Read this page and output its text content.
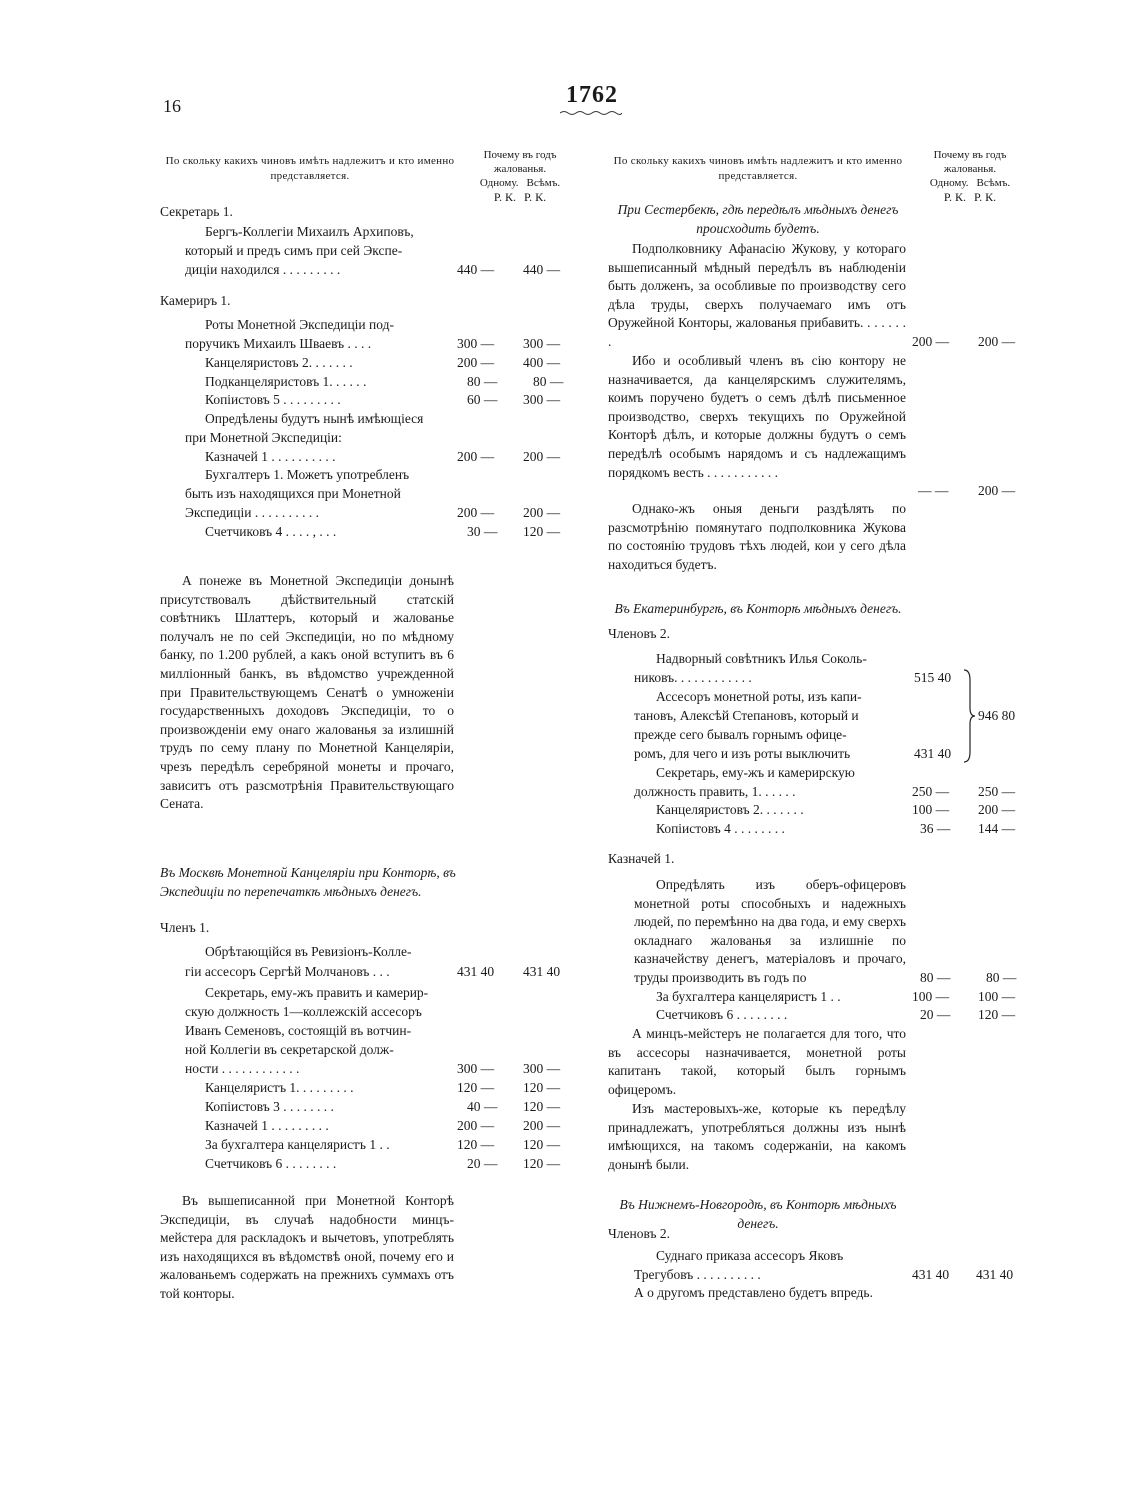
16	1762
По скольку какихъ чиновъ имѣть надлежитъ и кто именно представляется.
Почему въ годъ жалованья.
Одному. Всѣмъ.
Р. К. Р. К.
Секретарь 1.
Бергъ-Коллегіи Михаилъ Архиповъ,
который и предъ симъ при сей Экспе-
диціи находился . . . . . . . . .	440 — 440 —
Камериръ 1.
Роты Монетной Экспедиціи под-
поручикъ Михаилъ Шваевъ . . . .	300 — 300 —
Канцеляристовъ 2. . . . . . .	200 — 400 —
Подканцеляристовъ 1. . . . . .	80 —	80 —
Копіистовъ 5 . . . . . . . . .	60 — 300 —
Опредѣлены будутъ нынѣ имѣющіеся
при Монетной Экспедиціи:
Казначей 1 . . . . . . . . . .	200 — 200 —
Бухгалтеръ 1. Можетъ употребленъ
быть изъ находящихся при Монетной
Экспедиціи . . . . . . . . . .	200 — 200 —
Счетчиковъ 4 . . . . , . . .	30 — 120 —
А понеже въ Монетной Экспедиціи донынѣ присутствовалъ дѣйствительный статскій совѣтникъ Шлаттеръ, который и жалованье получалъ не по сей Экспедиціи, но по мѣдному банку, по 1.200 рублей, а какъ оной вступитъ въ 6 милліонный банкъ, въ вѣдомство учрежденной при Правительствующемъ Сенатѣ о умноженіи государственныхъ доходовъ Экспедиціи, то о произвожденіи ему онаго жалованья за излишній трудъ по сему плану по Монетной Канцеляріи, чрезъ передѣлъ серебряной монеты и прочаго, зависитъ отъ разсмотрѣнія Правительствующаго Сената.
Въ Москвѣ Монетной Канцеляріи при Конторѣ, въ Экспедиціи по перепечаткѣ мѣдныхъ денегъ.
Членъ 1.
Обрѣтающійся въ Ревизіонъ-Колле-
гіи ассесоръ Сергѣй Молчановъ . . .	431 40 431 40
Секретарь, ему-жъ править и камерир-
скую должность 1—коллежскій ассесоръ
Иванъ Семеновъ, состоящій въ вотчин-
ной Коллегіи въ секретарской долж-
ности . . . . . . . . . . . .	300 — 300 —
Канцеляристъ 1. . . . . . . . .	120 — 120 —
Копіистовъ 3 . . . . . . . .	40 — 120 —
Казначей 1 . . . . . . . . .	200 — 200 —
За бухгалтера канцеляристъ 1 . .	120 — 120 —
Счетчиковъ 6 . . . . . . . .	20 — 120 —
Въ вышеписанной при Монетной Конторѣ Экспедиціи, въ случаѣ надобности минцъ-мейстера для раскладокъ и вычетовъ, употреблять изъ находящихся въ вѣдомствѣ оной, почему его и жалованьемъ содержать на прежнихъ суммахъ отъ той конторы.
По скольку какихъ чиновъ имѣть надлежитъ и кто именно представляется.
Почему въ годъ жалованья.
Одному. Всѣмъ.
Р. К. Р. К.
При Сестербекѣ, гдѣ передѣлъ мѣдныхъ денегъ происходить будетъ.
Подполковнику Афанасію Жукову, у котораго вышеписанный мѣдный передѣлъ въ наблюденіи быть долженъ, за особливые по производству сего дѣла труды, сверхъ получаемаго имъ отъ Оружейной Конторы, жалованья прибавить. . . . . . . .	200 — 200 —
Ибо и особливый членъ въ сію контору не назначивается, да канцелярскимъ служителямъ, коимъ поручено будетъ о семъ дѣлѣ письменное производство, сверхъ текущихъ по Оружейной Конторѣ дѣлъ, и которые должны будутъ о семъ передѣлѣ особымъ нарядомъ и съ надлежащимъ порядкомъ весть . . . . . . . . . . .
— — 200 —
Однако-жъ оныя деньги раздѣлять по разсмотрѣнію помянутаго подполковника Жукова по состоянію трудовъ тѣхъ людей, кои у сего дѣла находиться будетъ.
Въ Екатеринбургѣ, въ Конторѣ мѣдныхъ денегъ.
Членовъ 2.
Надворный совѣтникъ Илья Соколь-
никовъ. . . . . . . . . . . .	515 40
Ассесоръ монетной роты, изъ капи-
тановъ, Алексѣй Степановъ, который и
прежде сего бывалъ горнымъ офице-
ромъ, для чего и изъ роты выключить	431 40
946 80
Секретарь, ему-жъ и камерирскую
должность править, 1. . . . . .	250 — 250 —
Канцеляристовъ 2. . . . . . .	100 — 200 —
Копіистовъ 4 . . . . . . . .	36 — 144 —
Казначей 1.
Опредѣлять изъ оберъ-офицеровъ монетной роты способныхъ и надежныхъ людей, по перемѣнно на два года, и ему сверхъ окладнаго жалованья за излишніе по казначейству денегъ, матеріаловъ и прочаго, труды производить въ годъ по	80 —	80 —
За бухгалтера канцеляристъ 1 . .	100 — 100 —
Счетчиковъ 6 . . . . . . . .	20 — 120 —
А минцъ-мейстеръ не полагается для того, что въ ассесоры назначивается, монетной роты капитанъ такой, который былъ горнымъ офицеромъ.
Изъ мастеровыхъ-же, которые къ передѣлу принадлежатъ, употребляться должны изъ нынѣ имѣющихся, на такомъ содержаніи, на какомъ донынѣ были.
Въ Нижнемъ-Новгородѣ, въ Конторѣ мѣдныхъ денегъ.
Членовъ 2.
Суднаго приказа ассесоръ Яковъ
Трегубовъ . . . . . . . . . .	431 40 431 40
А о другомъ представлено будетъ впредь.
